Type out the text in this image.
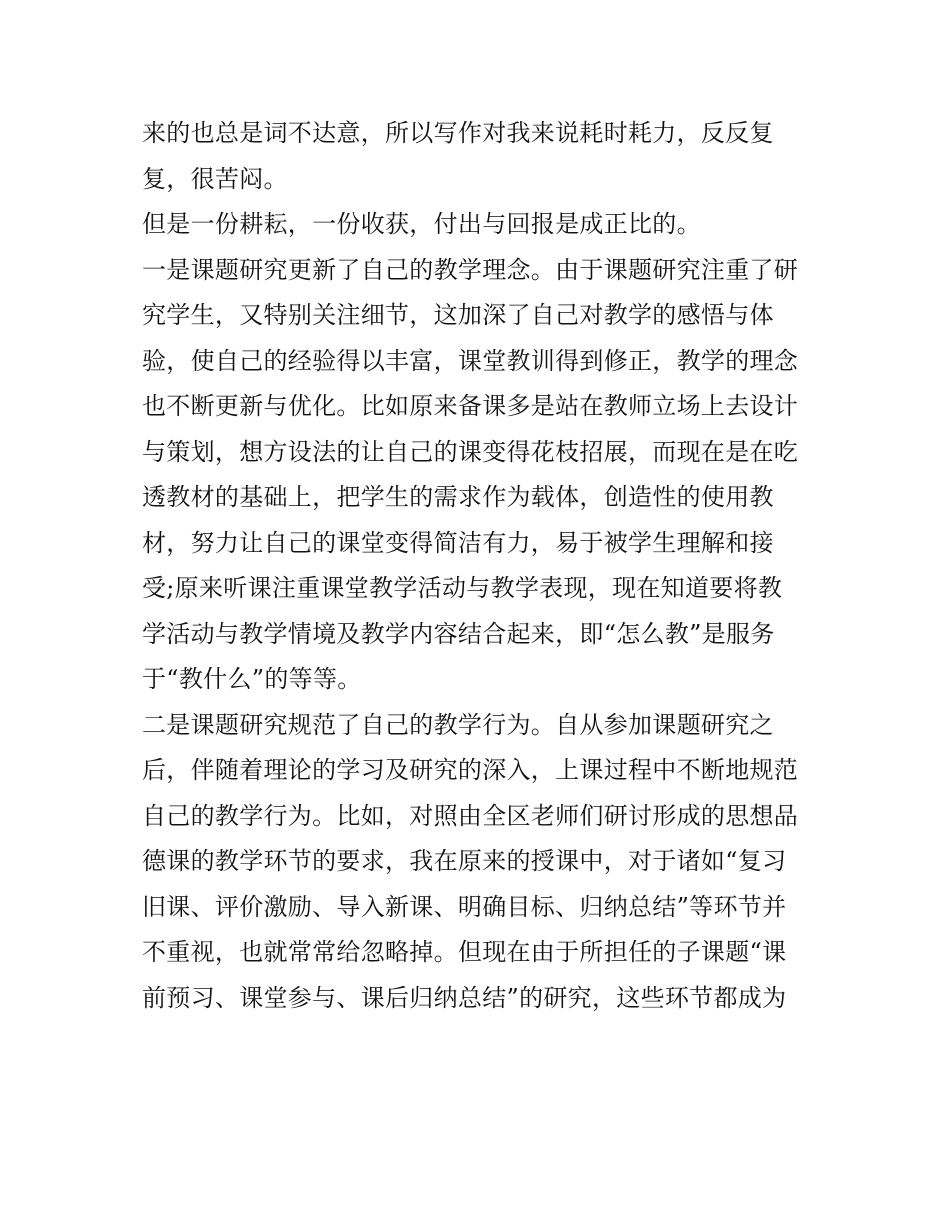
来的也总是词不达意，所以写作对我来说耗时耗力，反反复
复，很苦闷。
但是一份耕耘，一份收获，付出与回报是成正比的。
一是课题研究更新了自己的教学理念。由于课题研究注重了研
究学生，又特别关注细节，这加深了自己对教学的感悟与体
验，使自己的经验得以丰富，课堂教训得到修正，教学的理念
也不断更新与优化。比如原来备课多是站在教师立场上去设计
与策划，想方设法的让自己的课变得花枝招展，而现在是在吃
透教材的基础上，把学生的需求作为载体，创造性的使用教
材，努力让自己的课堂变得简洁有力，易于被学生理解和接
受;原来听课注重课堂教学活动与教学表现，现在知道要将教
学活动与教学情境及教学内容结合起来，即“怎么教”是服务
于“教什么”的等等。
二是课题研究规范了自己的教学行为。自从参加课题研究之
后，伴随着理论的学习及研究的深入，上课过程中不断地规范
自己的教学行为。比如，对照由全区老师们研讨形成的思想品
德课的教学环节的要求，我在原来的授课中，对于诸如“复习
旧课、评价激励、导入新课、明确目标、归纳总结”等环节并
不重视，也就常常给忽略掉。但现在由于所担任的子课题“课
前预习、课堂参与、课后归纳总结”的研究，这些环节都成为
